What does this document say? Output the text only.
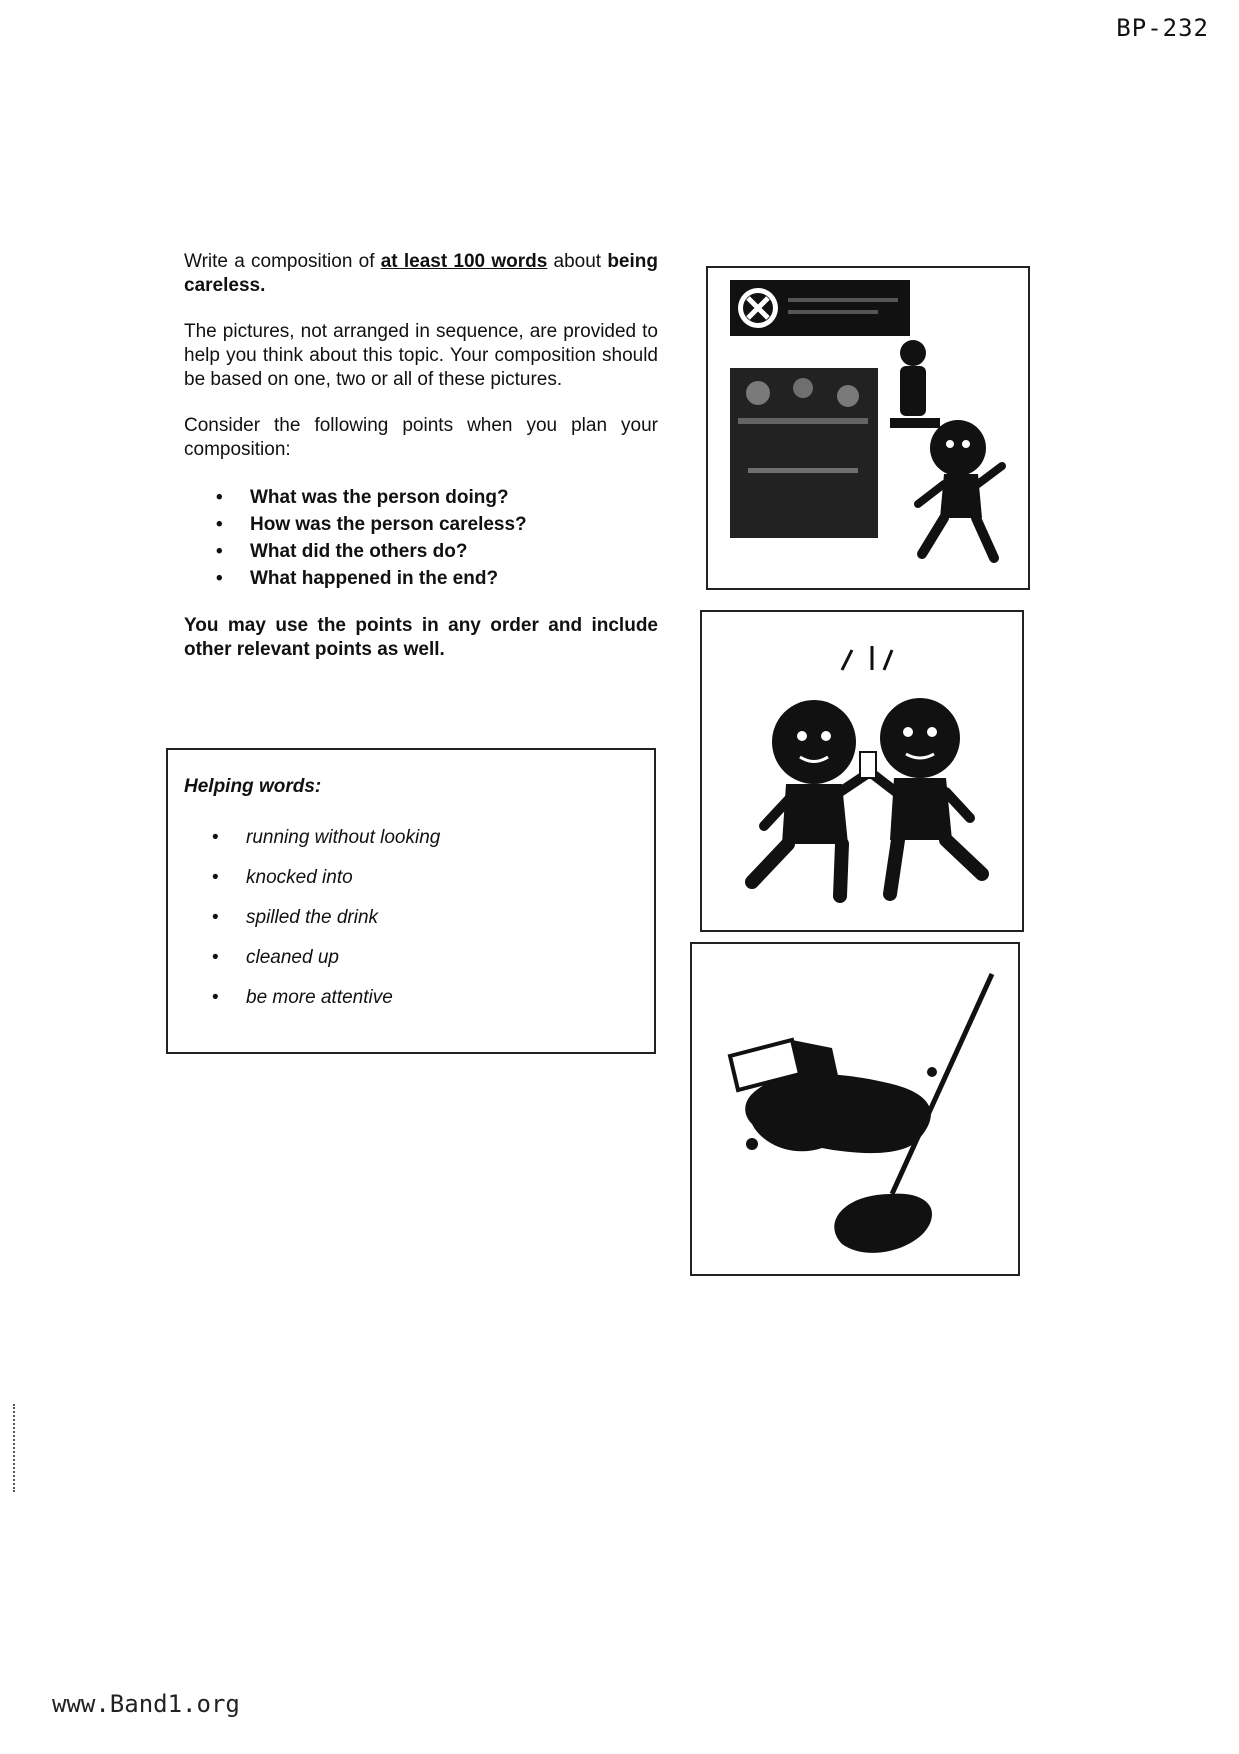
BP-232

Write a composition of at least 100 words about being careless.

The pictures, not arranged in sequence, are provided to help you think about this topic. Your composition should be based on one, two or all of these pictures.

Consider the following points when you plan your composition:

• What was the person doing?
• How was the person careless?
• What did the others do?
• What happened in the end?

You may use the points in any order and include other relevant points as well.

Helping words:
• running without looking
• knocked into
• spilled the drink
• cleaned up
• be more attentive
www.Band1.org
